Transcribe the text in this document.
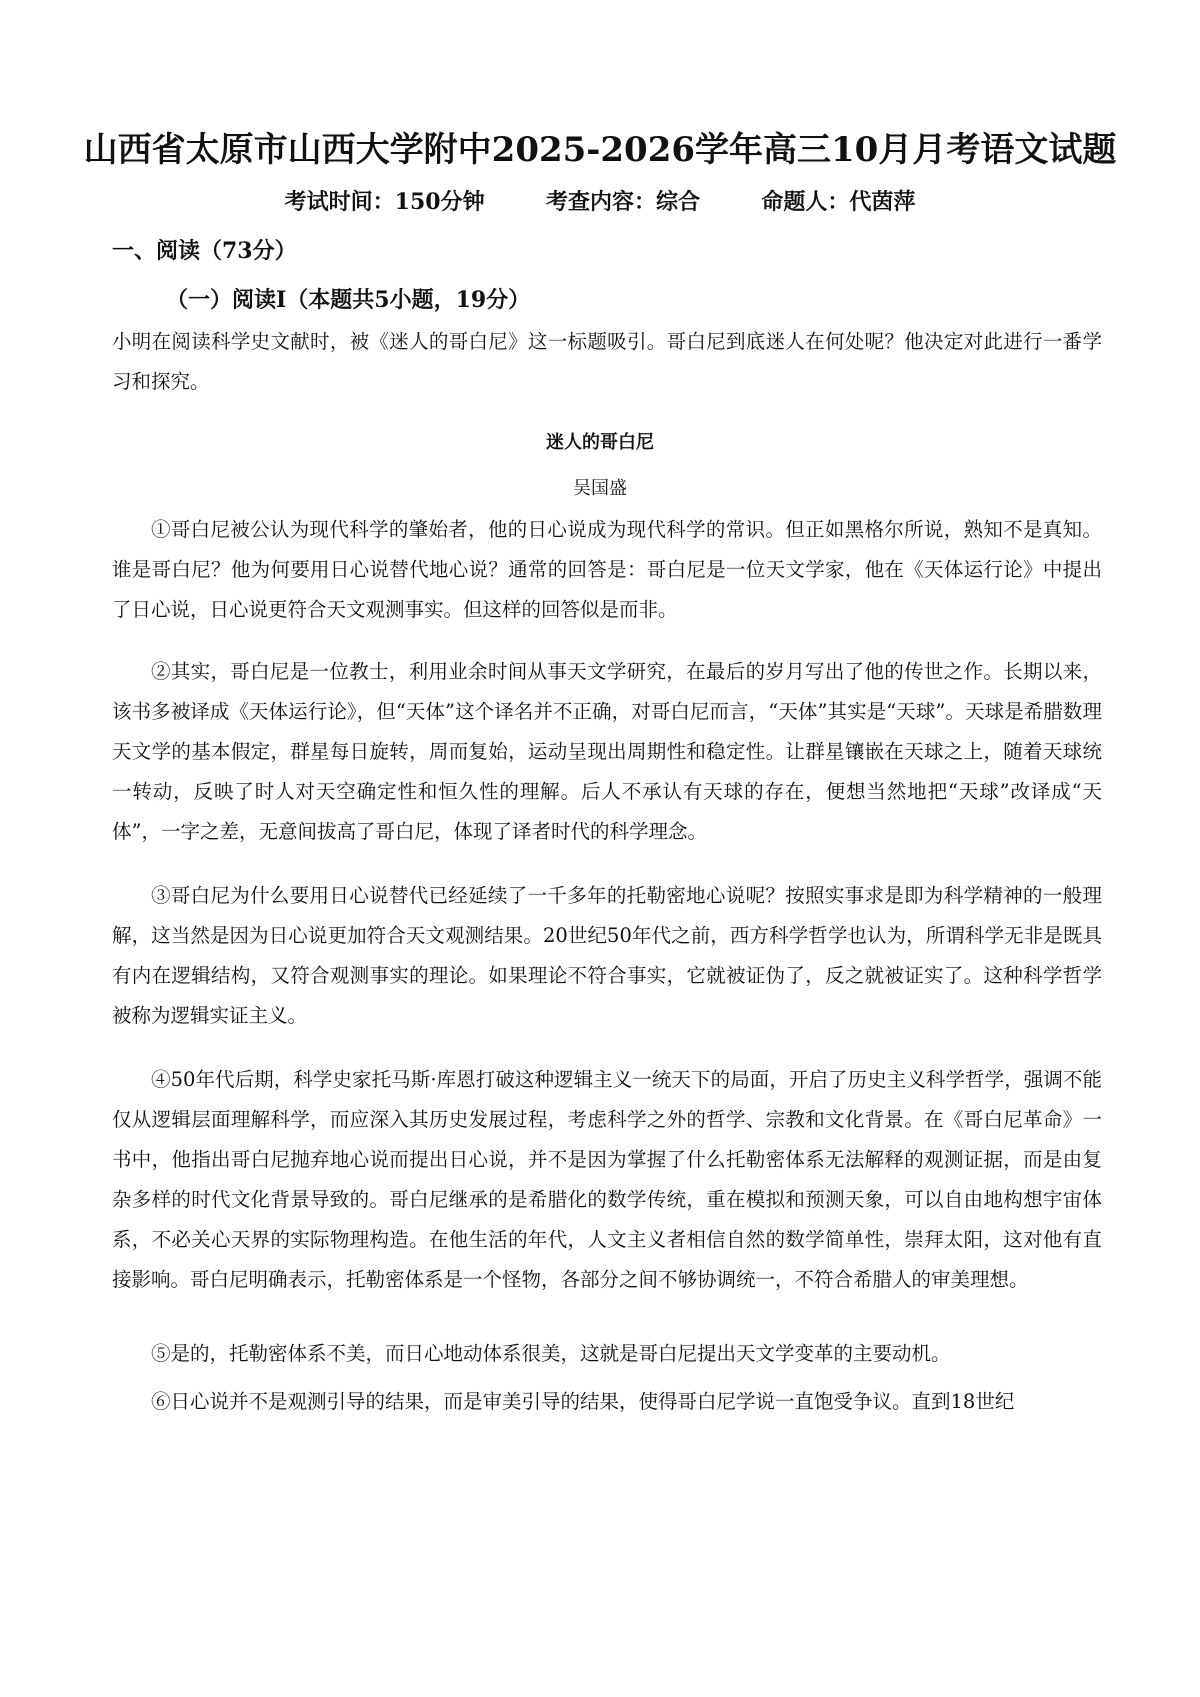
山西省太原市山西大学附中2025-2026学年高三10月月考语文试题
考试时间：150分钟	考查内容：综合	命题人：代茵萍
一、阅读（73分）
（一）阅读Ⅰ（本题共5小题，19分）
小明在阅读科学史文献时，被《迷人的哥白尼》这一标题吸引。哥白尼到底迷人在何处呢？他决定对此进行一番学习和探究。
迷人的哥白尼
吴国盛
①哥白尼被公认为现代科学的肇始者，他的日心说成为现代科学的常识。但正如黑格尔所说，熟知不是真知。谁是哥白尼？他为何要用日心说替代地心说？通常的回答是：哥白尼是一位天文学家，他在《天体运行论》中提出了日心说，日心说更符合天文观测事实。但这样的回答似是而非。
②其实，哥白尼是一位教士，利用业余时间从事天文学研究，在最后的岁月写出了他的传世之作。长期以来，该书多被译成《天体运行论》，但“天体”这个译名并不正确，对哥白尼而言，“天体”其实是“天球”。天球是希腊数理天文学的基本假定，群星每日旋转，周而复始，运动呈现出周期性和稳定性。让群星镶嵌在天球之上，随着天球统一转动，反映了时人对天空确定性和恒久性的理解。后人不承认有天球的存在，便想当然地把“天球”改译成“天体”，一字之差，无意间拔高了哥白尼，体现了译者时代的科学理念。
③哥白尼为什么要用日心说替代已经延续了一千多年的托勒密地心说呢？按照实事求是即为科学精神的一般理解，这当然是因为日心说更加符合天文观测结果。20世纪50年代之前，西方科学哲学也认为，所谓科学无非是既具有内在逻辑结构，又符合观测事实的理论。如果理论不符合事实，它就被证伪了，反之就被证实了。这种科学哲学被称为逻辑实证主义。
④50年代后期，科学史家托马斯·库恩打破这种逻辑主义一统天下的局面，开启了历史主义科学哲学，强调不能仅从逻辑层面理解科学，而应深入其历史发展过程，考虑科学之外的哲学、宗教和文化背景。在《哥白尼革命》一书中，他指出哥白尼抛弃地心说而提出日心说，并不是因为掌握了什么托勒密体系无法解释的观测证据，而是由复杂多样的时代文化背景导致的。哥白尼继承的是希腊化的数学传统，重在模拟和预测天象，可以自由地构想宇宙体系，不必关心天界的实际物理构造。在他生活的年代，人文主义者相信自然的数学简单性，崇拜太阳，这对他有直接影响。哥白尼明确表示，托勒密体系是一个怪物，各部分之间不够协调统一，不符合希腊人的审美理想。
⑤是的，托勒密体系不美，而日心地动体系很美，这就是哥白尼提出天文学变革的主要动机。
⑥日心说并不是观测引导的结果，而是审美引导的结果，使得哥白尼学说一直饱受争议。直到18世纪
